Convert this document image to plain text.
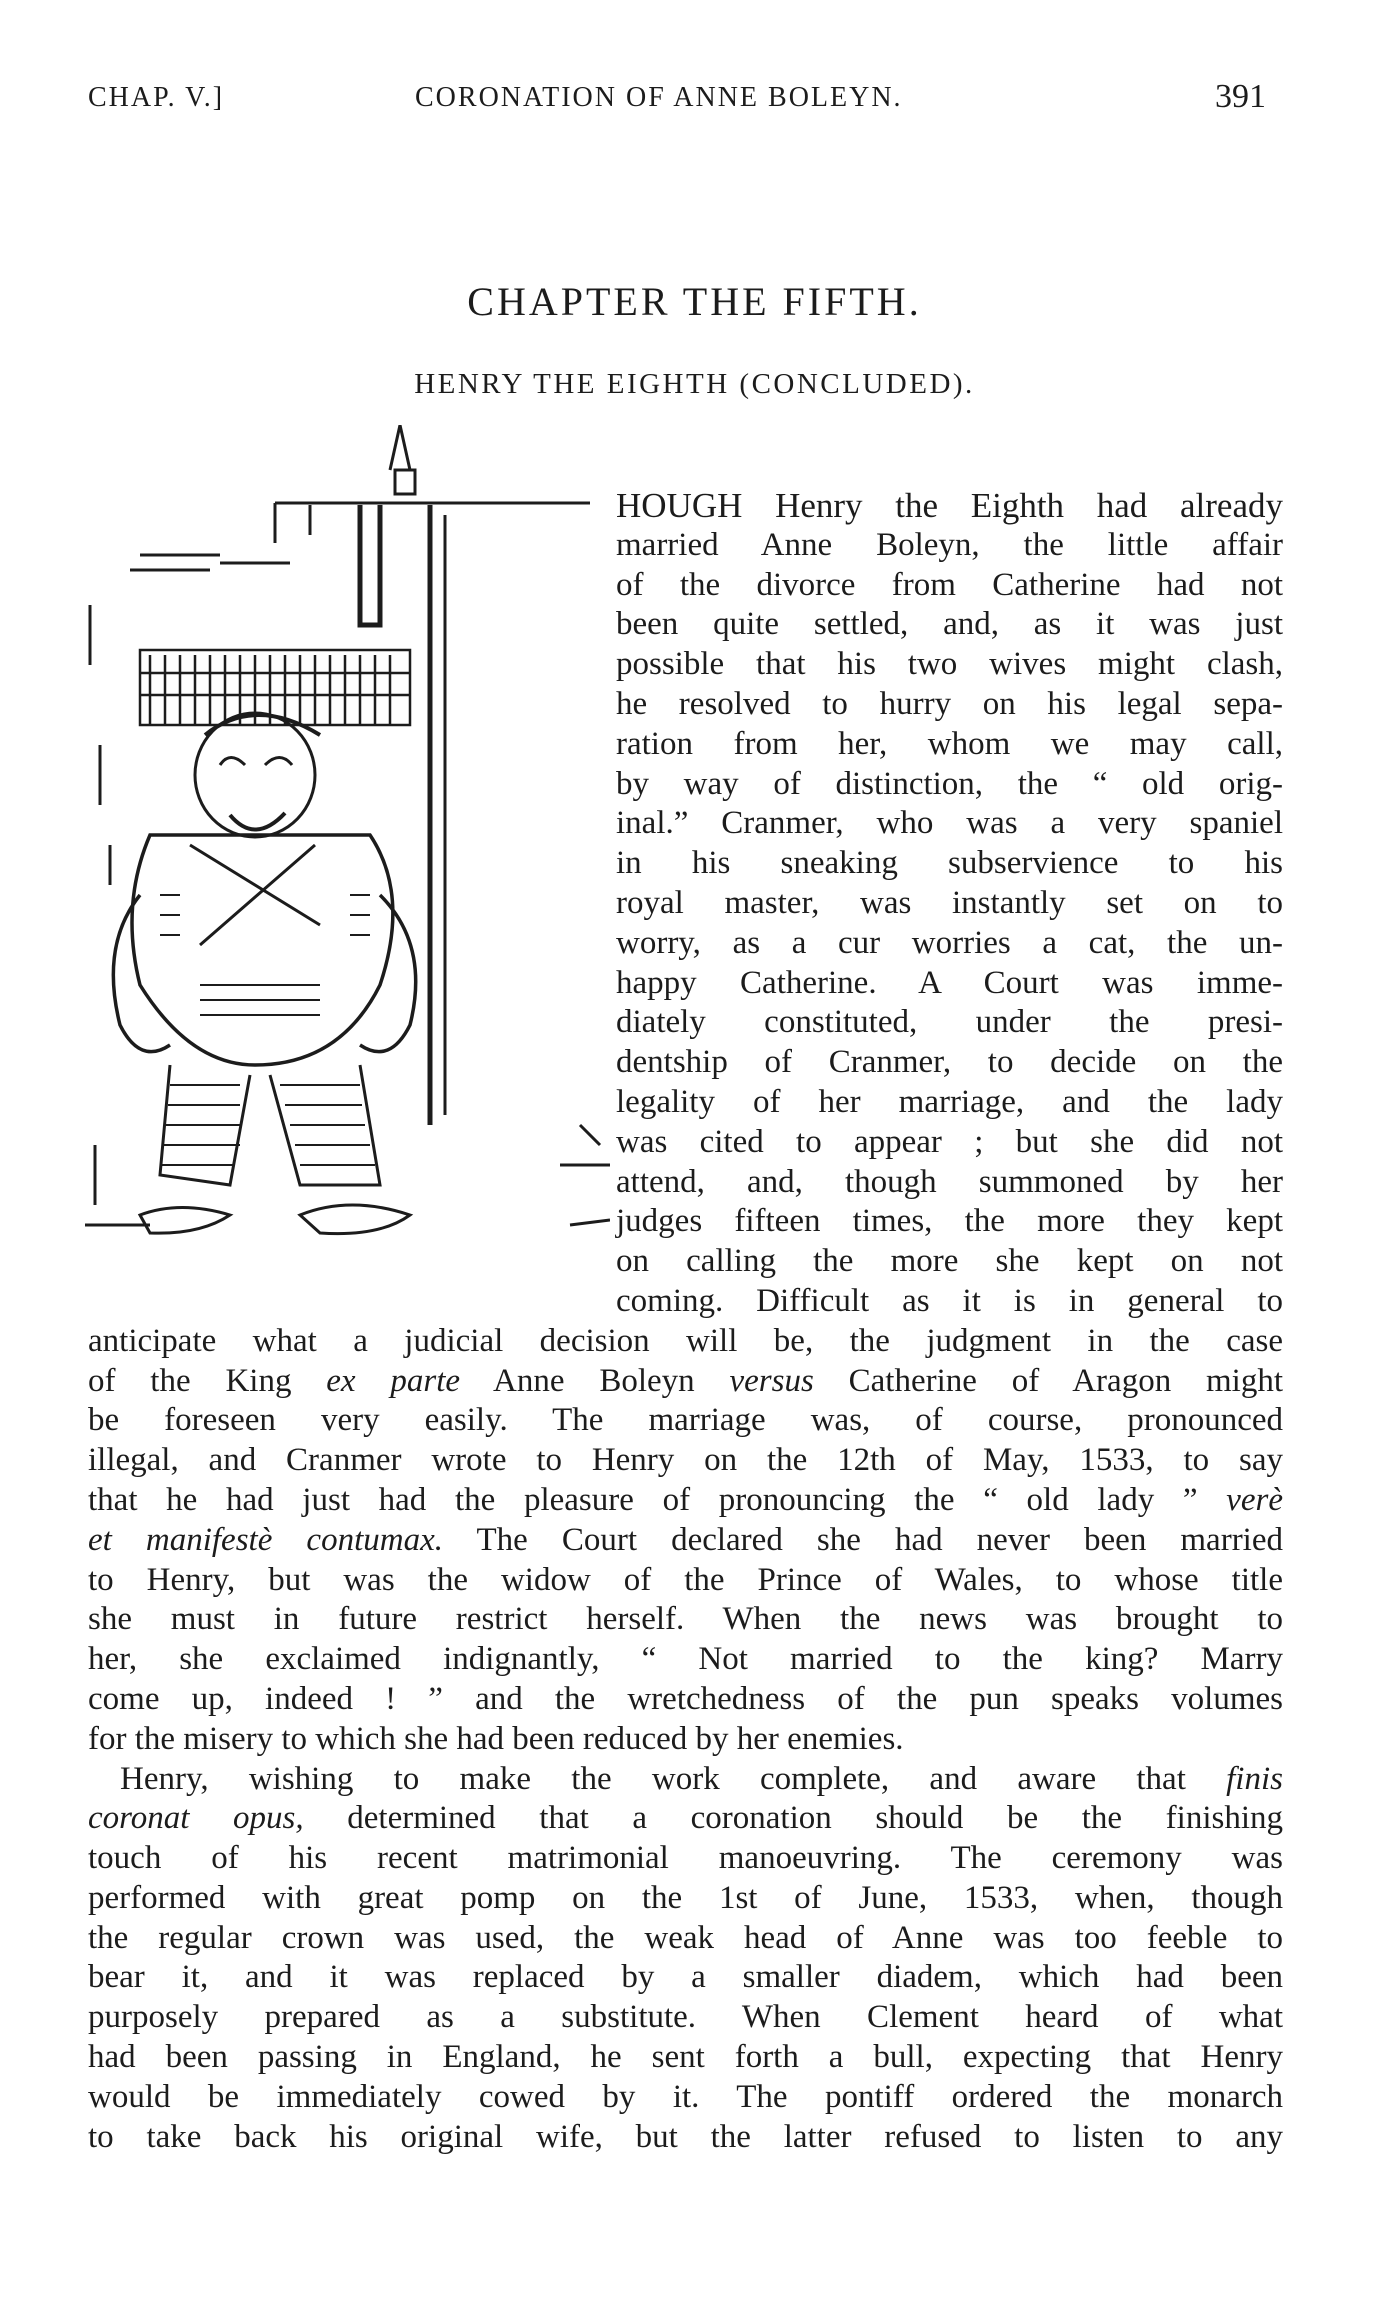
CHAP. V.]	CORONATION OF ANNE BOLEYN.	391
CHAPTER THE FIFTH.
HENRY THE EIGHTH (CONCLUDED).
HOUGH Henry the Eighth had already
married Anne Boleyn, the little affair
of the divorce from Catherine had not
been quite settled, and, as it was just
possible that his two wives might clash,
he resolved to hurry on his legal sepa-
ration from her, whom we may call,
by way of distinction, the “ old orig-
inal.” Cranmer, who was a very spaniel
in his sneaking subservience to his
royal master, was instantly set on to
worry, as a cur worries a cat, the un-
happy Catherine. A Court was imme-
diately constituted, under the presi-
dentship of Cranmer, to decide on the
legality of her marriage, and the lady
was cited to appear ; but she did not
attend, and, though summoned by her
judges fifteen times, the more they kept
on calling the more she kept on not
coming. Difficult as it is in general to
anticipate what a judicial decision will be, the judgment in the case
of the King ex parte Anne Boleyn versus Catherine of Aragon might
be foreseen very easily. The marriage was, of course, pronounced
illegal, and Cranmer wrote to Henry on the 12th of May, 1533, to say
that he had just had the pleasure of pronouncing the “ old lady ” verè
et manifestè contumax. The Court declared she had never been married
to Henry, but was the widow of the Prince of Wales, to whose title
she must in future restrict herself. When the news was brought to
her, she exclaimed indignantly, “ Not married to the king? Marry
come up, indeed ! ” and the wretchedness of the pun speaks volumes
for the misery to which she had been reduced by her enemies.
Henry, wishing to make the work complete, and aware that finis
coronat opus, determined that a coronation should be the finishing
touch of his recent matrimonial manoeuvring. The ceremony was
performed with great pomp on the 1st of June, 1533, when, though
the regular crown was used, the weak head of Anne was too feeble to
bear it, and it was replaced by a smaller diadem, which had been
purposely prepared as a substitute. When Clement heard of what
had been passing in England, he sent forth a bull, expecting that Henry
would be immediately cowed by it. The pontiff ordered the monarch
to take back his original wife, but the latter refused to listen to any
